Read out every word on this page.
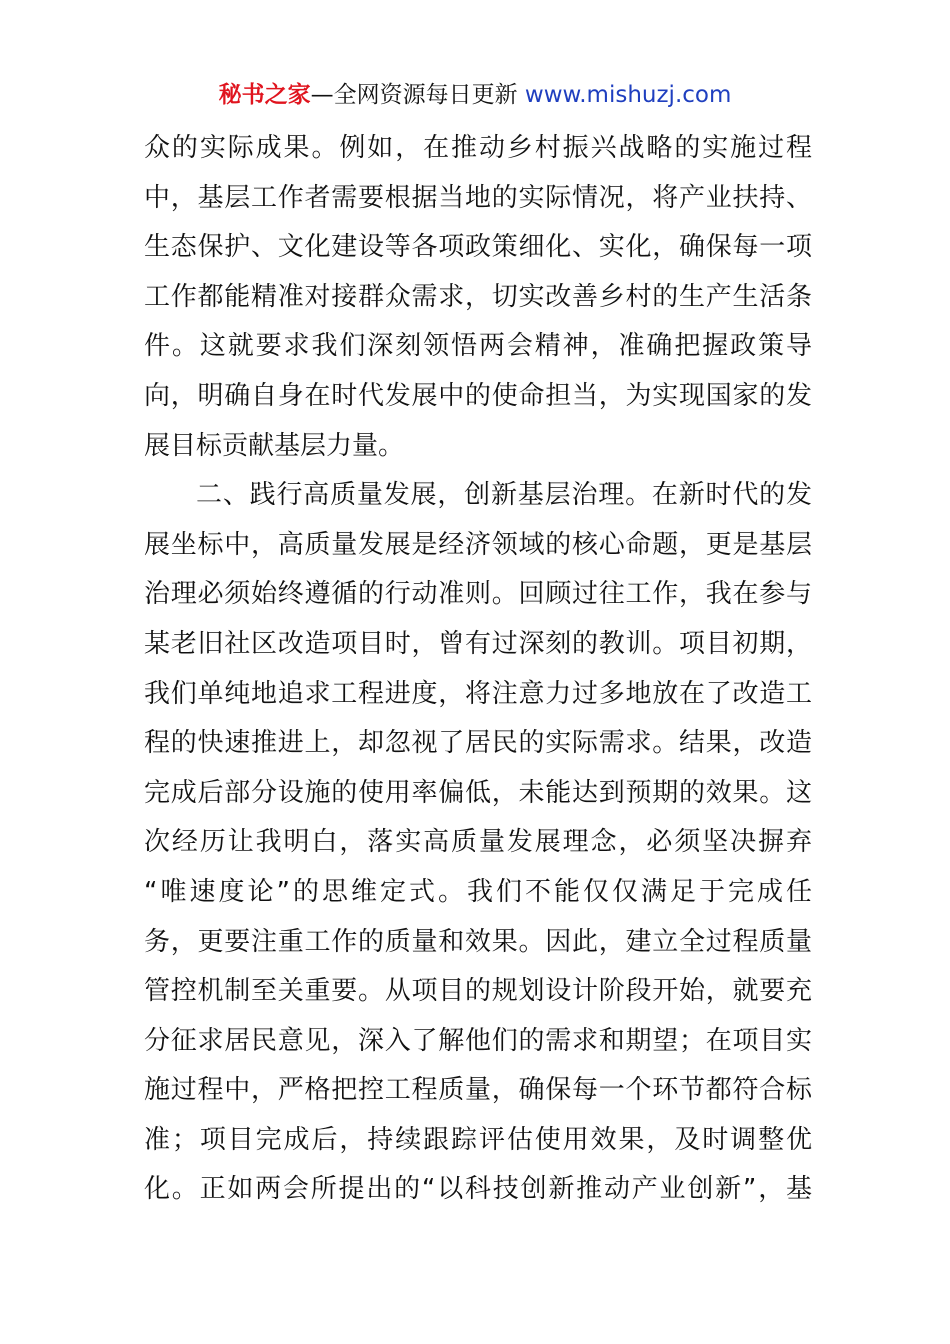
秘书之家—全网资源每日更新 www.mishuzj.com
众的实际成果。例如，在推动乡村振兴战略的实施过程
中，基层工作者需要根据当地的实际情况，将产业扶持、
生态保护、文化建设等各项政策细化、实化，确保每一项
工作都能精准对接群众需求，切实改善乡村的生产生活条
件。这就要求我们深刻领悟两会精神，准确把握政策导
向，明确自身在时代发展中的使命担当，为实现国家的发
展目标贡献基层力量。
二、践行高质量发展，创新基层治理。在新时代的发
展坐标中，高质量发展是经济领域的核心命题，更是基层
治理必须始终遵循的行动准则。回顾过往工作，我在参与
某老旧社区改造项目时，曾有过深刻的教训。项目初期，
我们单纯地追求工程进度，将注意力过多地放在了改造工
程的快速推进上，却忽视了居民的实际需求。结果，改造
完成后部分设施的使用率偏低，未能达到预期的效果。这
次经历让我明白，落实高质量发展理念，必须坚决摒弃
“唯速度论”的思维定式。我们不能仅仅满足于完成任
务，更要注重工作的质量和效果。因此，建立全过程质量
管控机制至关重要。从项目的规划设计阶段开始，就要充
分征求居民意见，深入了解他们的需求和期望；在项目实
施过程中，严格把控工程质量，确保每一个环节都符合标
准；项目完成后，持续跟踪评估使用效果，及时调整优
化。正如两会所提出的“以科技创新推动产业创新”，基
